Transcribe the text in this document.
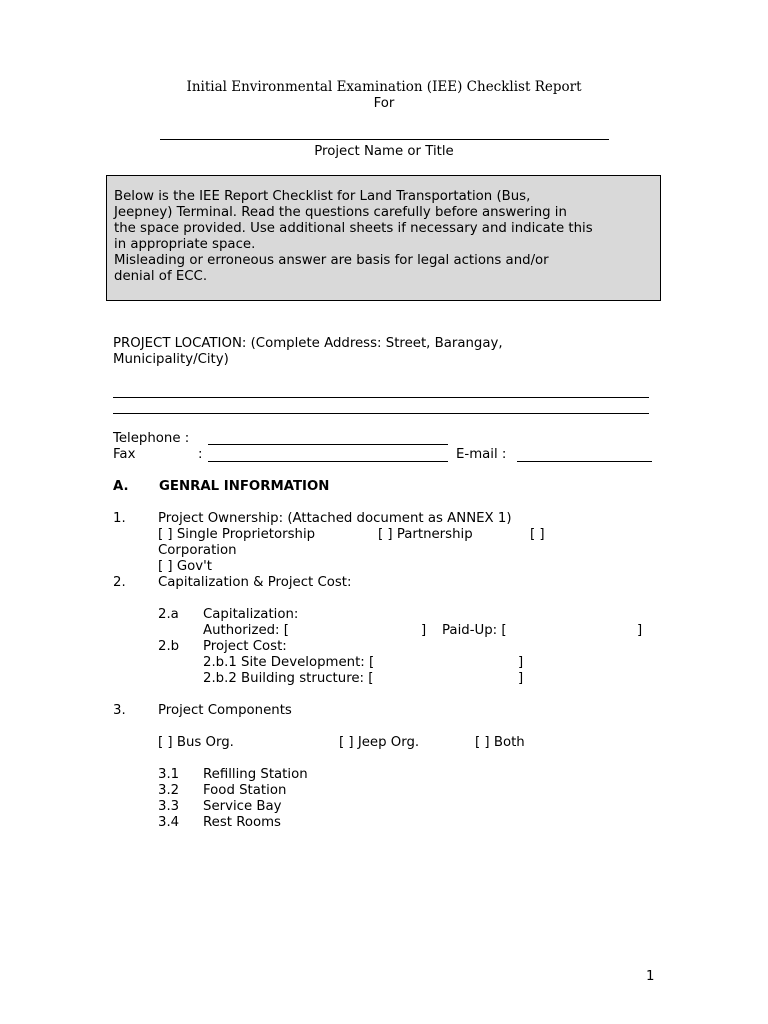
Initial Environmental Examination (IEE) Checklist Report
For
Project Name or Title

Below is the IEE Report Checklist for Land Transportation (Bus,

Jeepney) Terminal. Read the questions carefully before answering in

the space provided. Use additional sheets if necessary and indicate this

in appropriate space.

Misleading or erroneous answer are basis for legal actions and/or

denial of ECC.

PROJECT LOCATION: (Complete Address: Street, Barangay,
Municipality/City)
Telephone :
Fax	:	E-mail :
A. GENRAL INFORMATION
1. Project Ownership: (Attached document as ANNEX 1)
[ ] Single Proprietorship	[ ] Partnership	[ ]
Corporation
[ ] Gov't
2. Capitalization & Project Cost:
2.a Capitalization:
Authorized: [	] Paid-Up: [	]
2.b Project Cost:
2.b.1 Site Development: [	]
2.b.2 Building structure: [	]
3. Project Components
[ ] Bus Org.	[ ] Jeep Org.	[ ] Both
3.1 Refilling Station
3.2 Food Station
3.3 Service Bay
3.4 Rest Rooms
1
